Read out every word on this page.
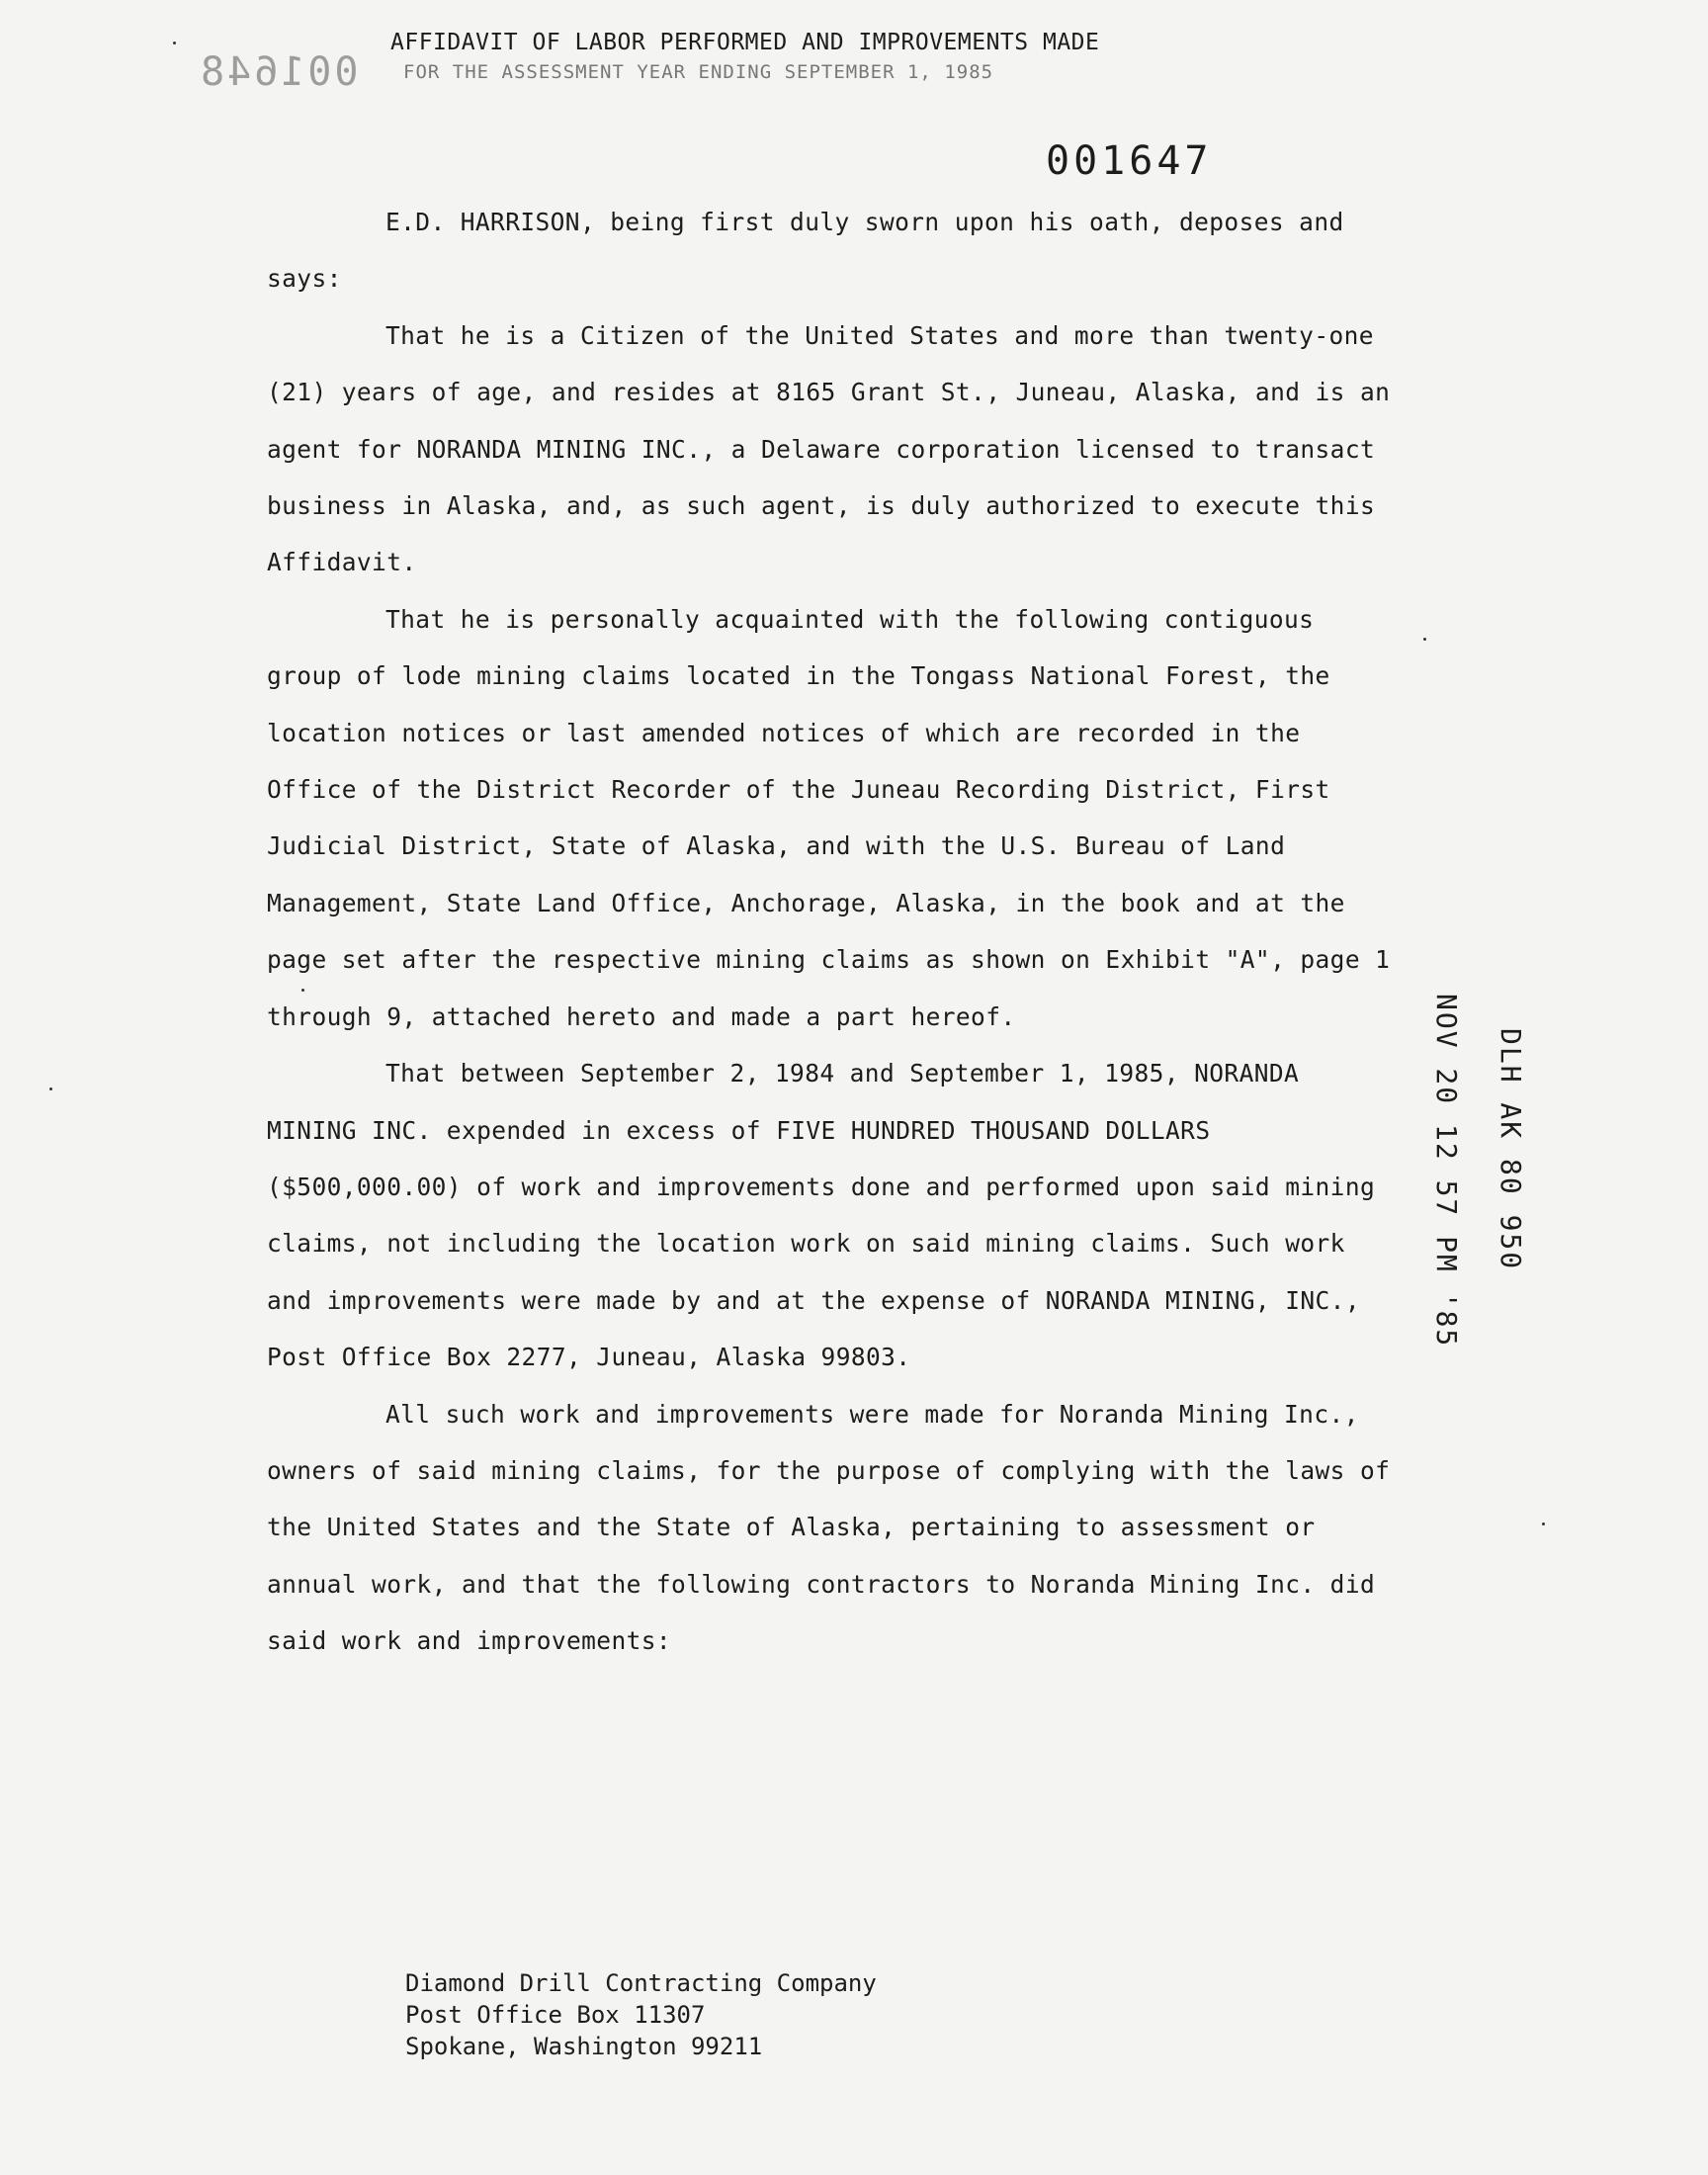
001648
AFFIDAVIT OF LABOR PERFORMED AND IMPROVEMENTS MADE
FOR THE ASSESSMENT YEAR ENDING SEPTEMBER 1, 1985
001647

E.D. HARRISON, being first duly sworn upon his oath, deposes and says:

That he is a Citizen of the United States and more than twenty-one (21) years of age, and resides at 8165 Grant St., Juneau, Alaska, and is an agent for NORANDA MINING INC., a Delaware corporation licensed to transact business in Alaska, and, as such agent, is duly authorized to execute this Affidavit.

That he is personally acquainted with the following contiguous group of lode mining claims located in the Tongass National Forest, the location notices or last amended notices of which are recorded in the Office of the District Recorder of the Juneau Recording District, First Judicial District, State of Alaska, and with the U.S. Bureau of Land Management, State Land Office, Anchorage, Alaska, in the book and at the page set after the respective mining claims as shown on Exhibit "A", page 1 through 9, attached hereto and made a part hereof.

That between September 2, 1984 and September 1, 1985, NORANDA MINING INC. expended in excess of FIVE HUNDRED THOUSAND DOLLARS ($500,000.00) of work and improvements done and performed upon said mining claims, not including the location work on said mining claims. Such work and improvements were made by and at the expense of NORANDA MINING, INC., Post Office Box 2277, Juneau, Alaska 99803.

All such work and improvements were made for Noranda Mining Inc., owners of said mining claims, for the purpose of complying with the laws of the United States and the State of Alaska, pertaining to assessment or annual work, and that the following contractors to Noranda Mining Inc. did said work and improvements:

Diamond Drill Contracting Company
Post Office Box 11307
Spokane, Washington 99211
NOV 20 12 57 PM '85 DLH AK 80 950
